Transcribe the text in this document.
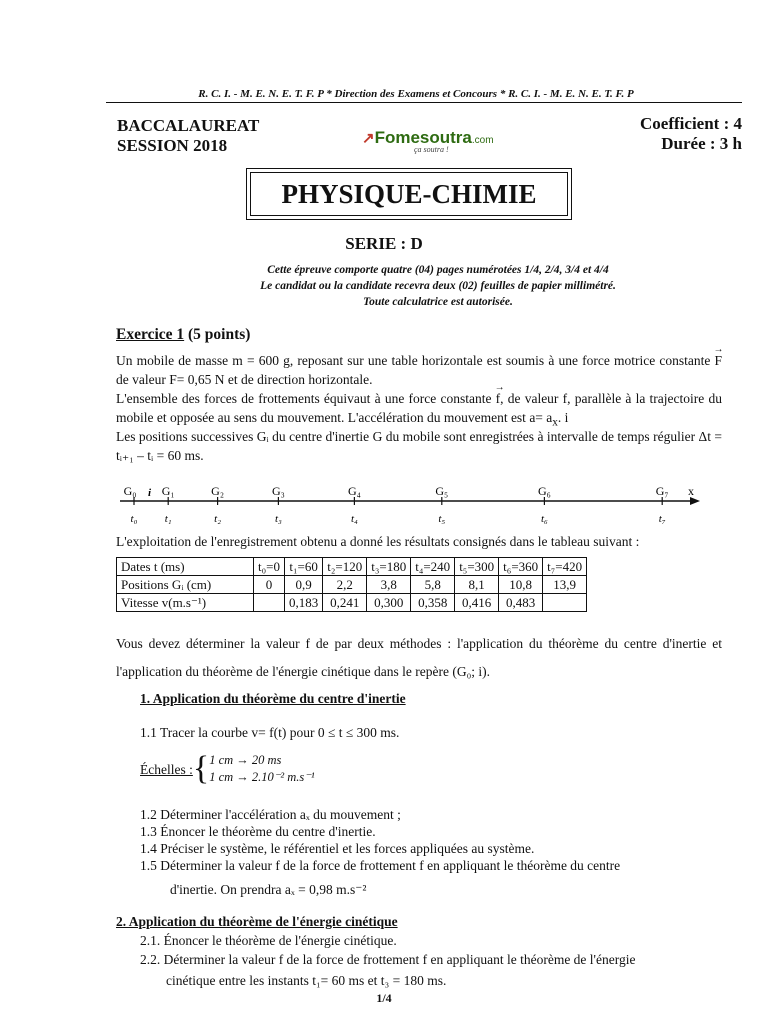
R. C. I. - M. E. N. E. T. F. P * Direction des Examens et Concours * R. C. I. - M. E. N. E. T. F. P
BACCALAUREAT
SESSION 2018	↗Fomesoutra.com
ça soutra !
Coefficient : 4
Durée : 3 h
PHYSIQUE-CHIMIE
SERIE : D
Cette épreuve comporte quatre (04) pages numérotées 1/4, 2/4, 3/4 et 4/4
Le candidat ou la candidate recevra deux (02) feuilles de papier millimétré.
Toute calculatrice est autorisée.
Exercice 1 (5 points)
Un mobile de masse m = 600 g, reposant sur une table horizontale est soumis à une force motrice constante → F de valeur F= 0,65 N et de direction horizontale.
L'ensemble des forces de frottements équivaut à une force constante → f, de valeur f, parallèle à la trajectoire du mobile et opposée au sens du mouvement. L'accélération du mouvement est $a= a_x$. i
Les positions successives Gᵢ du centre d'inertie G du mobile sont enregistrées à intervalle de temps régulier Δt = tᵢ₊₁ – tᵢ = 60 ms.
G₀
t₀
G₁
t₁
G₂
t₂
G₃
t₃
G₄
t₄
G₅
t₅
G₆
t₆
G₇
t₇
i	x
L'exploitation de l'enregistrement obtenu a donné les résultats consignés dans le tableau suivant :
Dates t (ms)	t₀=0	t₁=60	t₂=120	t₃=180	t₄=240	t₅=300	t₆=360	t₇=420
Positions Gᵢ (cm)	0	0,9	2,2	3,8	5,8	8,1	10,8	13,9
Vitesse v(m.s⁻¹)		0,183	0,241	0,300	0,358	0,416	0,483	
Vous devez déterminer la valeur f de par deux méthodes : l'application du théorème du centre d'inertie et l'application du théorème de l'énergie cinétique dans le repère (G₀; i).
1. Application du théorème du centre d'inertie
1.1 Tracer la courbe v= f(t) pour 0 ≤ t ≤ 300 ms.
Échelles : { 1 cm → 20 ms
1 cm → 2.10⁻² m.s⁻¹
1.2 Déterminer l'accélération aₓ du mouvement ;
1.3 Énoncer le théorème du centre d'inertie.
1.4 Préciser le système, le référentiel et les forces appliquées au système.
1.5 Déterminer la valeur f de la force de frottement f en appliquant le théorème du centre
d'inertie. On prendra aₓ = 0,98 m.s⁻²
2. Application du théorème de l'énergie cinétique
2.1. Énoncer le théorème de l'énergie cinétique.
2.2. Déterminer la valeur f de la force de frottement f en appliquant le théorème de l'énergie
cinétique entre les instants t₁= 60 ms et t₃ = 180 ms.
1/4
